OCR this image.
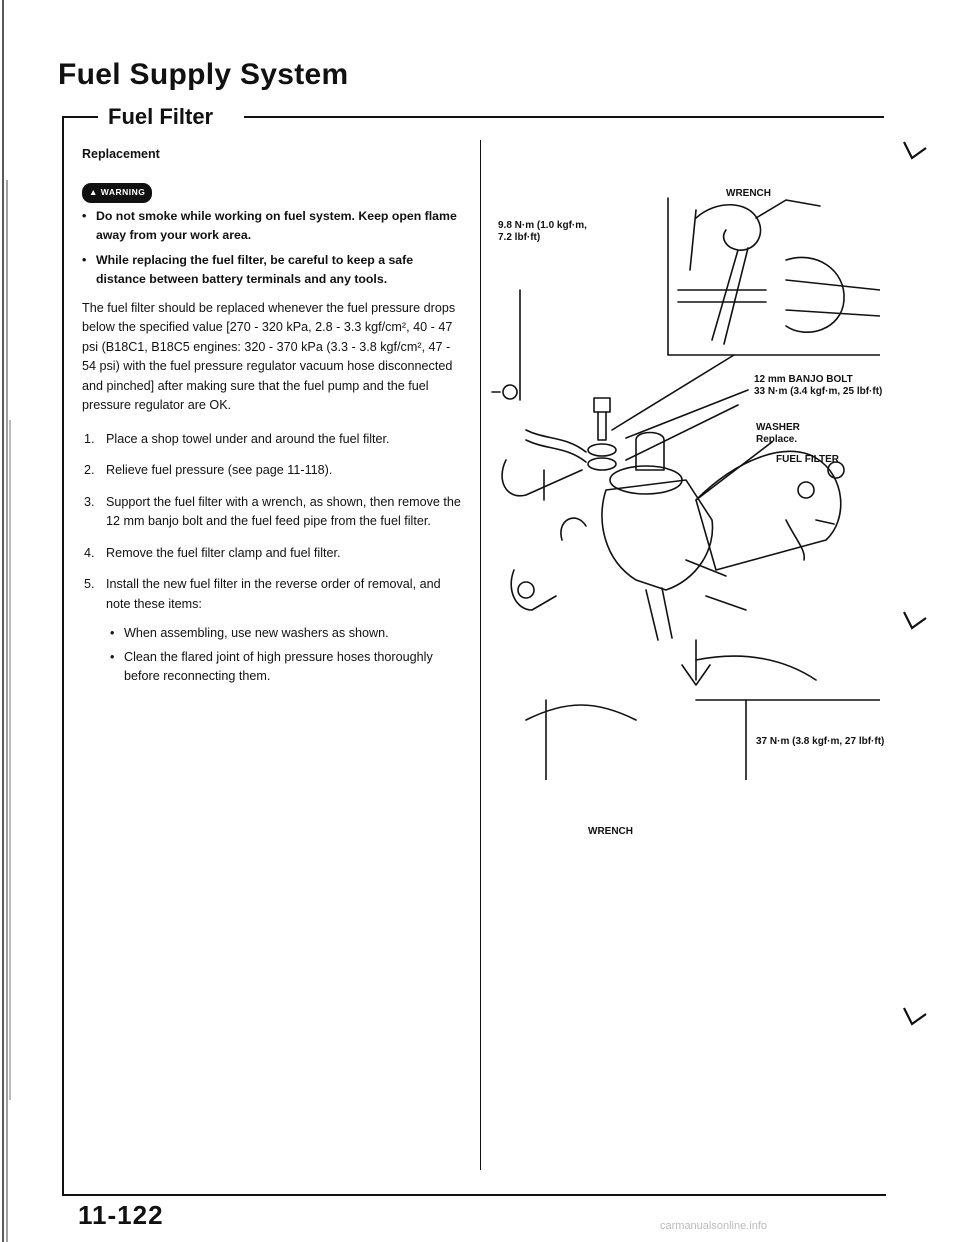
Fuel Supply System
Fuel Filter

Replacement

▲ WARNING
• Do not smoke while working on fuel system. Keep open flame away from your work area.
• While replacing the fuel filter, be careful to keep a safe distance between battery terminals and any tools.

The fuel filter should be replaced whenever the fuel pressure drops below the specified value [270 - 320 kPa, 2.8 - 3.3 kgf/cm², 40 - 47 psi (B18C1, B18C5 engines: 320 - 370 kPa (3.3 - 3.8 kgf/cm², 47 - 54 psi) with the fuel pressure regulator vacuum hose disconnected and pinched] after making sure that the fuel pump and the fuel pressure regulator are OK.

1. Place a shop towel under and around the fuel filter.
2. Relieve fuel pressure (see page 11-118).
3. Support the fuel filter with a wrench, as shown, then remove the 12 mm banjo bolt and the fuel feed pipe from the fuel filter.
4. Remove the fuel filter clamp and fuel filter.
5. Install the new fuel filter in the reverse order of removal, and note these items:
• When assembling, use new washers as shown.
• Clean the flared joint of high pressure hoses thoroughly before reconnecting them.
WRENCH
9.8 N·m (1.0 kgf·m,
7.2 lbf·ft)
12 mm BANJO BOLT
33 N·m (3.4 kgf·m, 25 lbf·ft)
WASHER
Replace.
FUEL FILTER
37 N·m (3.8 kgf·m, 27 lbf·ft)
WRENCH
11-122	carmanualsonline.info
